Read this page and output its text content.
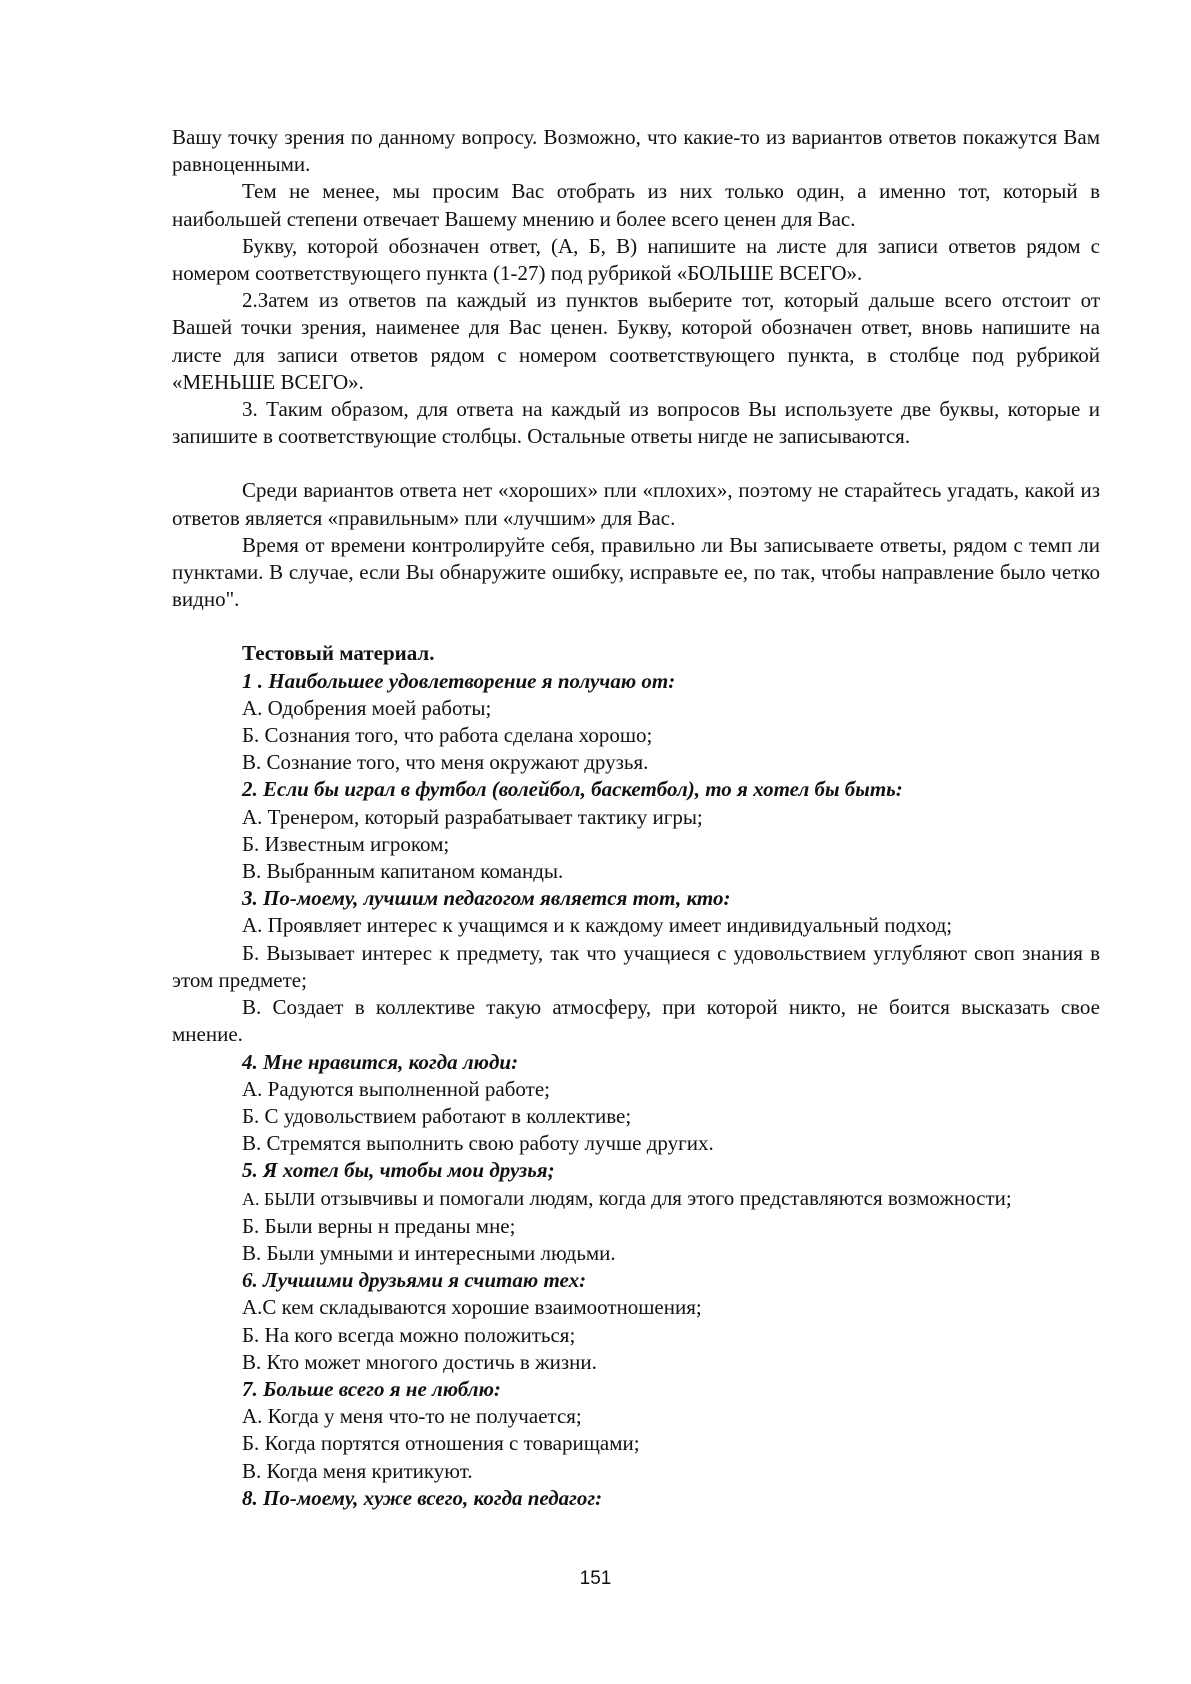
Вашу точку зрения по данному вопросу. Возможно, что какие-то из вариантов ответов покажутся Вам равноценными.

Тем не менее, мы просим Вас отобрать из них только один, а именно тот, который в наибольшей степени отвечает Вашему мнению и более всего ценен для Вас.

Букву, которой обозначен ответ, (А, Б, В) напишите на листе для записи ответов рядом с номером соответствующего пункта (1-27) под рубрикой «БОЛЬШЕ ВСЕГО».

2.Затем из ответов па каждый из пунктов выберите тот, который дальше всего отстоит от Вашей точки зрения, наименее для Вас ценен. Букву, которой обозначен ответ, вновь напишите на листе для записи ответов рядом с номером соответствующего пункта, в столбце под рубрикой «МЕНЬШЕ ВСЕГО».

3. Таким образом, для ответа на каждый из вопросов Вы используете две буквы, которые и запишите в соответствующие столбцы. Остальные ответы нигде не записываются.

Среди вариантов ответа нет «хороших» пли «плохих», поэтому не старайтесь угадать, какой из ответов является «правильным» пли «лучшим» для Вас.

Время от времени контролируйте себя, правильно ли Вы записываете ответы, рядом с темп ли пунктами. В случае, если Вы обнаружите ошибку, исправьте ее, по так, чтобы направление было четко видно".

Тестовый материал.

1 . Наибольшее удовлетворение я получаю от:

А. Одобрения моей работы;

Б. Сознания того, что работа сделана хорошо;

В. Сознание того, что меня окружают друзья.

2. Если бы играл в футбол (волейбол, баскетбол), то я хотел бы быть:

А. Тренером, который разрабатывает тактику игры;

Б. Известным игроком;

В. Выбранным капитаном команды.

3. По-моему, лучшим педагогом является тот, кто:

А. Проявляет интерес к учащимся и к каждому имеет индивидуальный подход;

Б. Вызывает интерес к предмету, так что учащиеся с удовольствием углубляют своп знания в этом предмете;

В. Создает в коллективе такую атмосферу, при которой никто, не боится высказать свое мнение.

4. Мне нравится, когда люди:

А. Радуются выполненной работе;

Б. С удовольствием работают в коллективе;

В. Стремятся выполнить свою работу лучше других.

5. Я хотел бы, чтобы мои друзья;

А. БЫЛИ отзывчивы и помогали людям, когда для этого представляются возможности;

Б. Были верны н преданы мне;

В. Были умными и интересными людьми.

6. Лучшими друзьями я считаю тех:

А.С кем складываются хорошие взаимоотношения;

Б. На кого всегда можно положиться;

В. Кто может многого достичь в жизни.

7. Больше всего я не люблю:

А. Когда у меня что-то не получается;

Б. Когда портятся отношения с товарищами;

В. Когда меня критикуют.

8. По-моему, хуже всего, когда педагог:

151
